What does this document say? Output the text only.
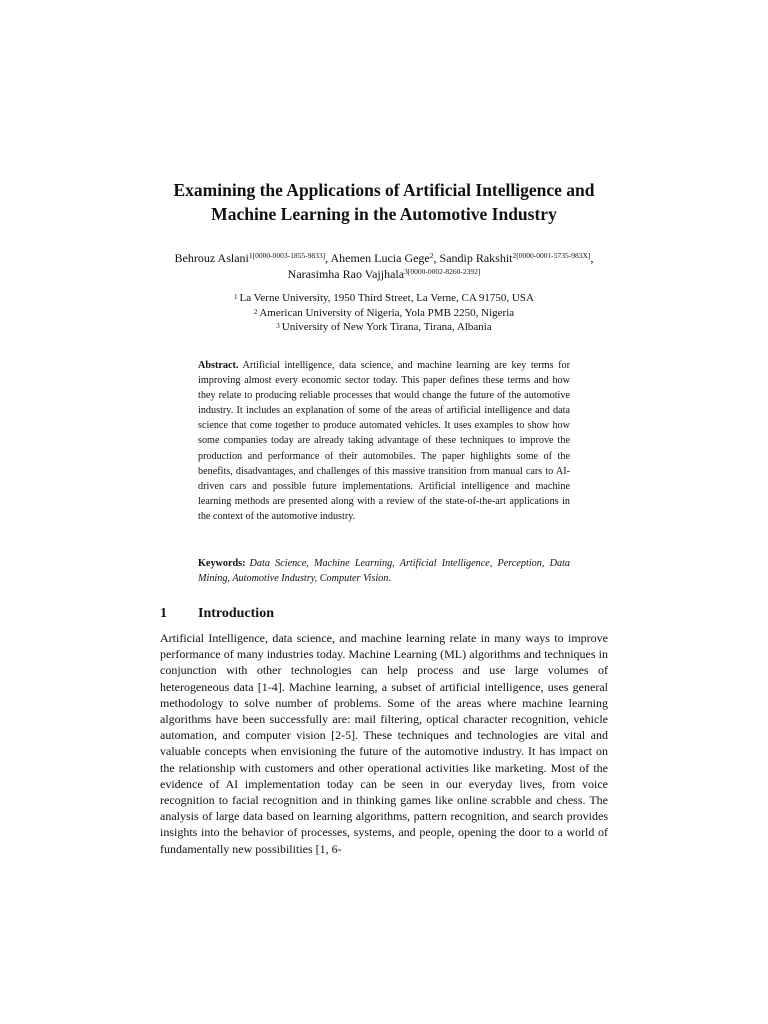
Examining the Applications of Artificial Intelligence and
Machine Learning in the Automotive Industry
Behrouz Aslani$^{1[0000-0003-1855-9833]}$, Ahemen Lucia Gege$^2$, Sandip Rakshit$^{2[0000-0001-5735-983X]}$, Narasimha Rao Vajjhala$^{3[0000-0002-8260-2392]}$
$^1$ La Verne University, 1950 Third Street, La Verne, CA 91750, USA
$^2$ American University of Nigeria, Yola PMB 2250, Nigeria
$^3$ University of New York Tirana, Tirana, Albania
Abstract. Artificial intelligence, data science, and machine learning are key terms for improving almost every economic sector today. This paper defines these terms and how they relate to producing reliable processes that would change the future of the automotive industry. It includes an explanation of some of the areas of artificial intelligence and data science that come together to produce automated vehicles. It uses examples to show how some companies today are already taking advantage of these techniques to improve the production and performance of their automobiles. The paper highlights some of the benefits, disadvantages, and challenges of this massive transition from manual cars to AI-driven cars and possible future implementations. Artificial intelligence and machine learning methods are presented along with a review of the state-of-the-art applications in the context of the automotive industry.
Keywords: Data Science, Machine Learning, Artificial Intelligence, Perception, Data Mining, Automotive Industry, Computer Vision.
1 Introduction

Artificial Intelligence, data science, and machine learning relate in many ways to improve performance of many industries today. Machine Learning (ML) algorithms and techniques in conjunction with other technologies can help process and use large volumes of heterogeneous data [1-4]. Machine learning, a subset of artificial intelligence, uses general methodology to solve number of problems. Some of the areas where machine learning algorithms have been successfully are: mail filtering, optical character recognition, vehicle automation, and computer vision [2-5]. These techniques and technologies are vital and valuable concepts when envisioning the future of the automotive industry. It has impact on the relationship with customers and other operational activities like marketing. Most of the evidence of AI implementation today can be seen in our everyday lives, from voice recognition to facial recognition and in thinking games like online scrabble and chess. The analysis of large data based on learning algorithms, pattern recognition, and search provides insights into the behavior of processes, systems, and people, opening the door to a world of fundamentally new possibilities [1, 6-
